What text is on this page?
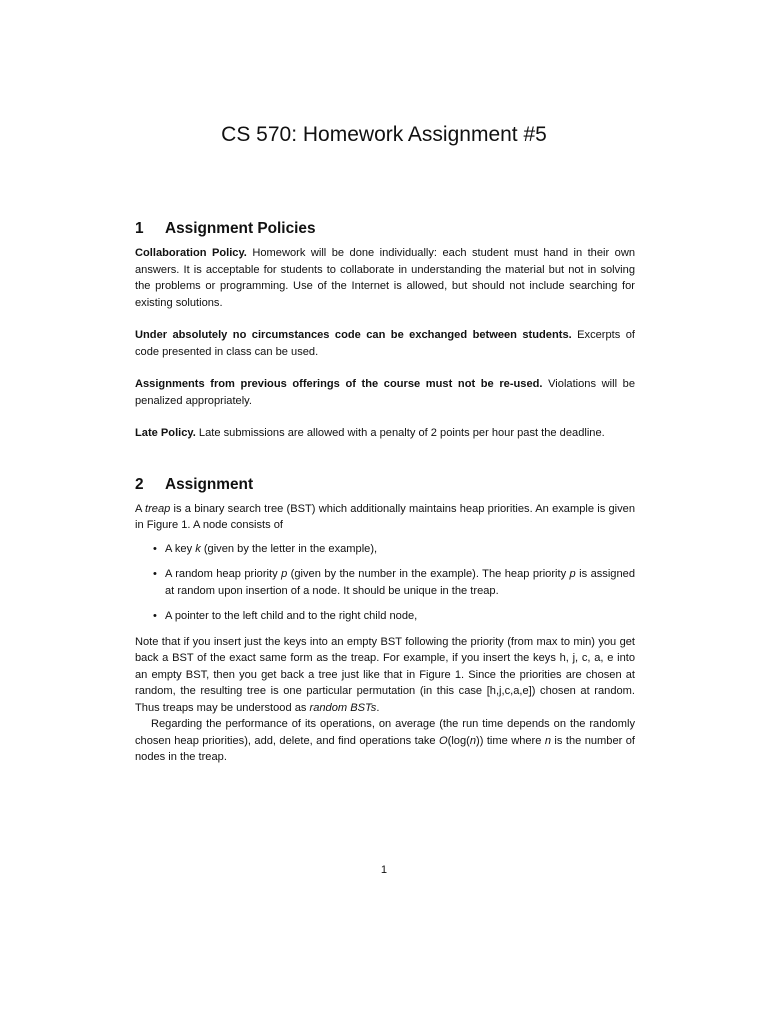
CS 570: Homework Assignment #5
1	Assignment Policies

Collaboration Policy. Homework will be done individually: each student must hand in their own answers. It is acceptable for students to collaborate in understanding the material but not in solving the problems or programming. Use of the Internet is allowed, but should not include searching for existing solutions.

Under absolutely no circumstances code can be exchanged between students. Excerpts of code presented in class can be used.

Assignments from previous offerings of the course must not be re-used. Violations will be penalized appropriately.

Late Policy. Late submissions are allowed with a penalty of 2 points per hour past the deadline.

2	Assignment

A treap is a binary search tree (BST) which additionally maintains heap priorities. An example is given in Figure 1. A node consists of

• A key k (given by the letter in the example),
• A random heap priority p (given by the number in the example). The heap priority p is assigned at random upon insertion of a node. It should be unique in the treap.
• A pointer to the left child and to the right child node,

Note that if you insert just the keys into an empty BST following the priority (from max to min) you get back a BST of the exact same form as the treap. For example, if you insert the keys h, j, c, a, e into an empty BST, then you get back a tree just like that in Figure 1. Since the priorities are chosen at random, the resulting tree is one particular permutation (in this case [h,j,c,a,e]) chosen at random. Thus treaps may be understood as random BSTs.

Regarding the performance of its operations, on average (the run time depends on the randomly chosen heap priorities), add, delete, and find operations take O(log(n)) time where n is the number of nodes in the treap.

1
